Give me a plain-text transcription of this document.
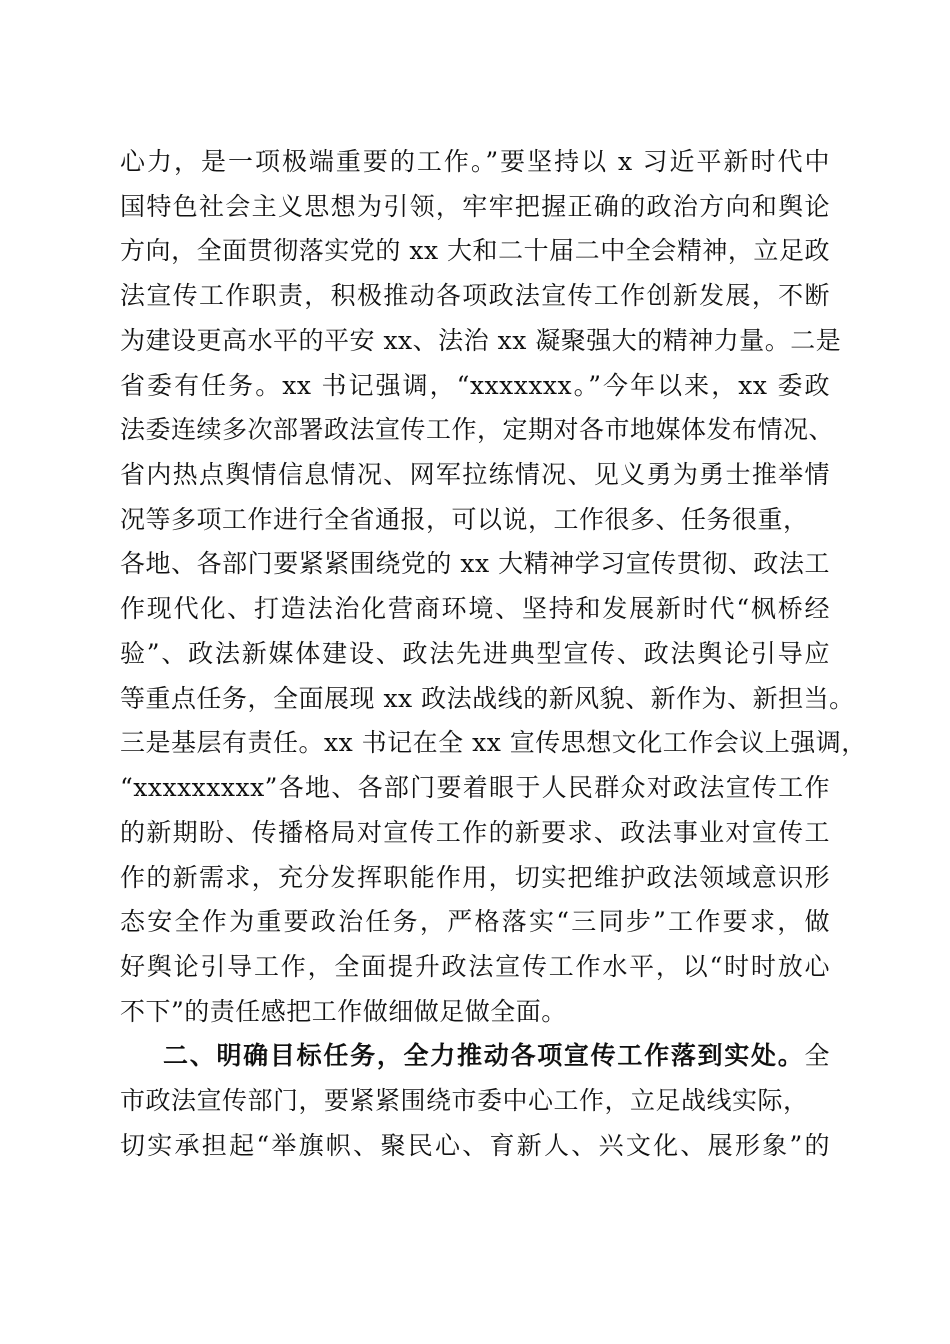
心力，是一项极端重要的工作。”要坚持以 x 习近平新时代中
国特色社会主义思想为引领，牢牢把握正确的政治方向和舆论
方向，全面贯彻落实党的 xx 大和二十届二中全会精神，立足政
法宣传工作职责，积极推动各项政法宣传工作创新发展，不断
为建设更高水平的平安 xx、法治 xx 凝聚强大的精神力量。二是
省委有任务。xx 书记强调，“xxxxxxx。”今年以来，xx 委政
法委连续多次部署政法宣传工作，定期对各市地媒体发布情况、
省内热点舆情信息情况、网军拉练情况、见义勇为勇士推举情
况等多项工作进行全省通报，可以说，工作很多、任务很重，
各地、各部门要紧紧围绕党的 xx 大精神学习宣传贯彻、政法工
作现代化、打造法治化营商环境、坚持和发展新时代“枫桥经
验”、政法新媒体建设、政法先进典型宣传、政法舆论引导应
等重点任务，全面展现 xx 政法战线的新风貌、新作为、新担当。
三是基层有责任。xx 书记在全 xx 宣传思想文化工作会议上强调，
“xxxxxxxxx”各地、各部门要着眼于人民群众对政法宣传工作
的新期盼、传播格局对宣传工作的新要求、政法事业对宣传工
作的新需求，充分发挥职能作用，切实把维护政法领域意识形
态安全作为重要政治任务，严格落实“三同步”工作要求，做
好舆论引导工作，全面提升政法宣传工作水平，以“时时放心
不下”的责任感把工作做细做足做全面。
二、明确目标任务，全力推动各项宣传工作落到实处。全
市政法宣传部门，要紧紧围绕市委中心工作，立足战线实际，
切实承担起“举旗帜、聚民心、育新人、兴文化、展形象”的
